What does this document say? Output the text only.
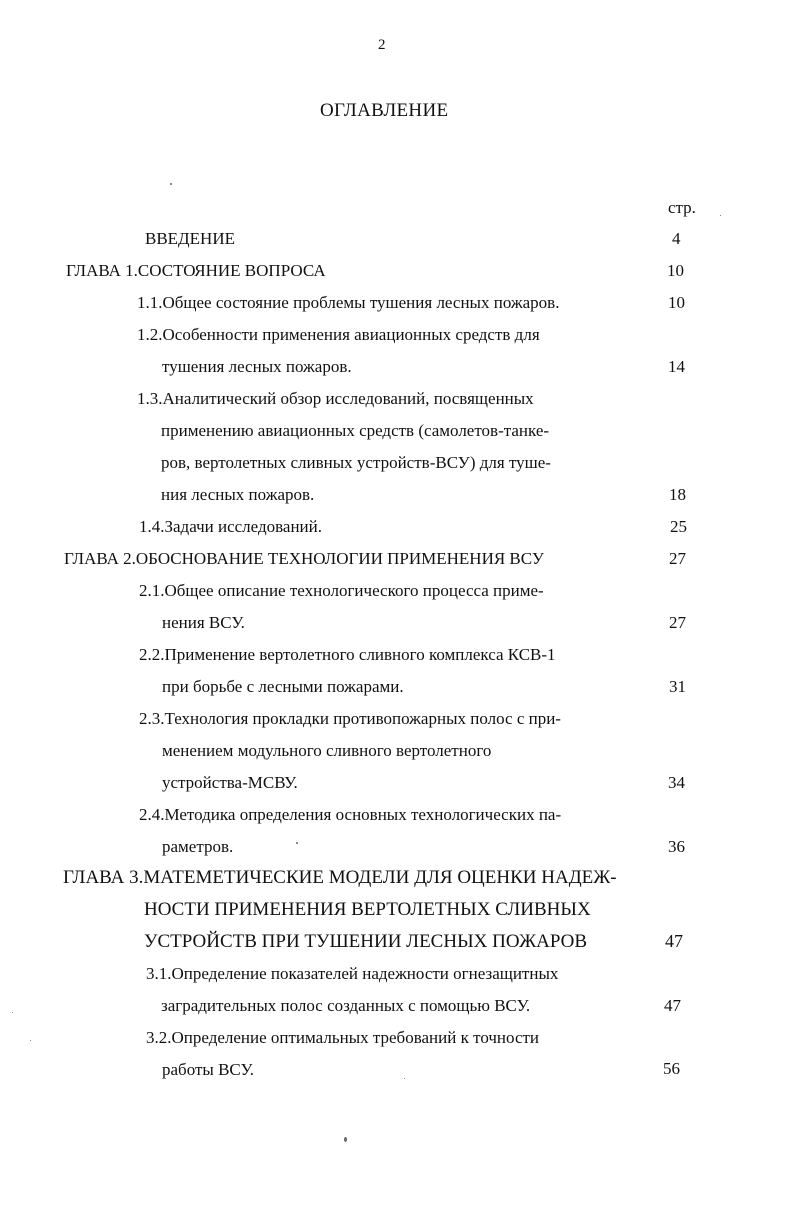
2
ОГЛАВЛЕНИЕ
стр.
ВВЕДЕНИЕ	4
ГЛАВА 1.СОСТОЯНИЕ ВОПРОСА	10
1.1.Общее состояние проблемы тушения лесных пожаров.	10
1.2.Особенности применения авиационных средств для
тушения лесных пожаров.	14
1.3.Аналитический обзор исследований, посвященных
применению авиационных средств (самолетов-танке-
ров, вертолетных сливных устройств-ВСУ) для туше-
ния лесных пожаров.	18
1.4.Задачи исследований.	25
ГЛАВА 2.ОБОСНОВАНИЕ ТЕХНОЛОГИИ ПРИМЕНЕНИЯ ВСУ	27
2.1.Общее описание технологического процесса приме-
нения ВСУ.	27
2.2.Применение вертолетного сливного комплекса КСВ-1
при борьбе с лесными пожарами.	31
2.3.Технология прокладки противопожарных полос с при-
менением модульного сливного вертолетного
устройства-МСВУ.	34
2.4.Методика определения основных технологических па-
раметров.	36
ГЛАВА 3.МАТЕМЕТИЧЕСКИЕ МОДЕЛИ ДЛЯ ОЦЕНКИ НАДЕЖ-
НОСТИ ПРИМЕНЕНИЯ ВЕРТОЛЕТНЫХ СЛИВНЫХ
УСТРОЙСТВ ПРИ ТУШЕНИИ ЛЕСНЫХ ПОЖАРОВ	47
3.1.Определение показателей надежности огнезащитных
заградительных полос созданных с помощью ВСУ.	47
3.2.Определение оптимальных требований к точности
работы ВСУ.	56
